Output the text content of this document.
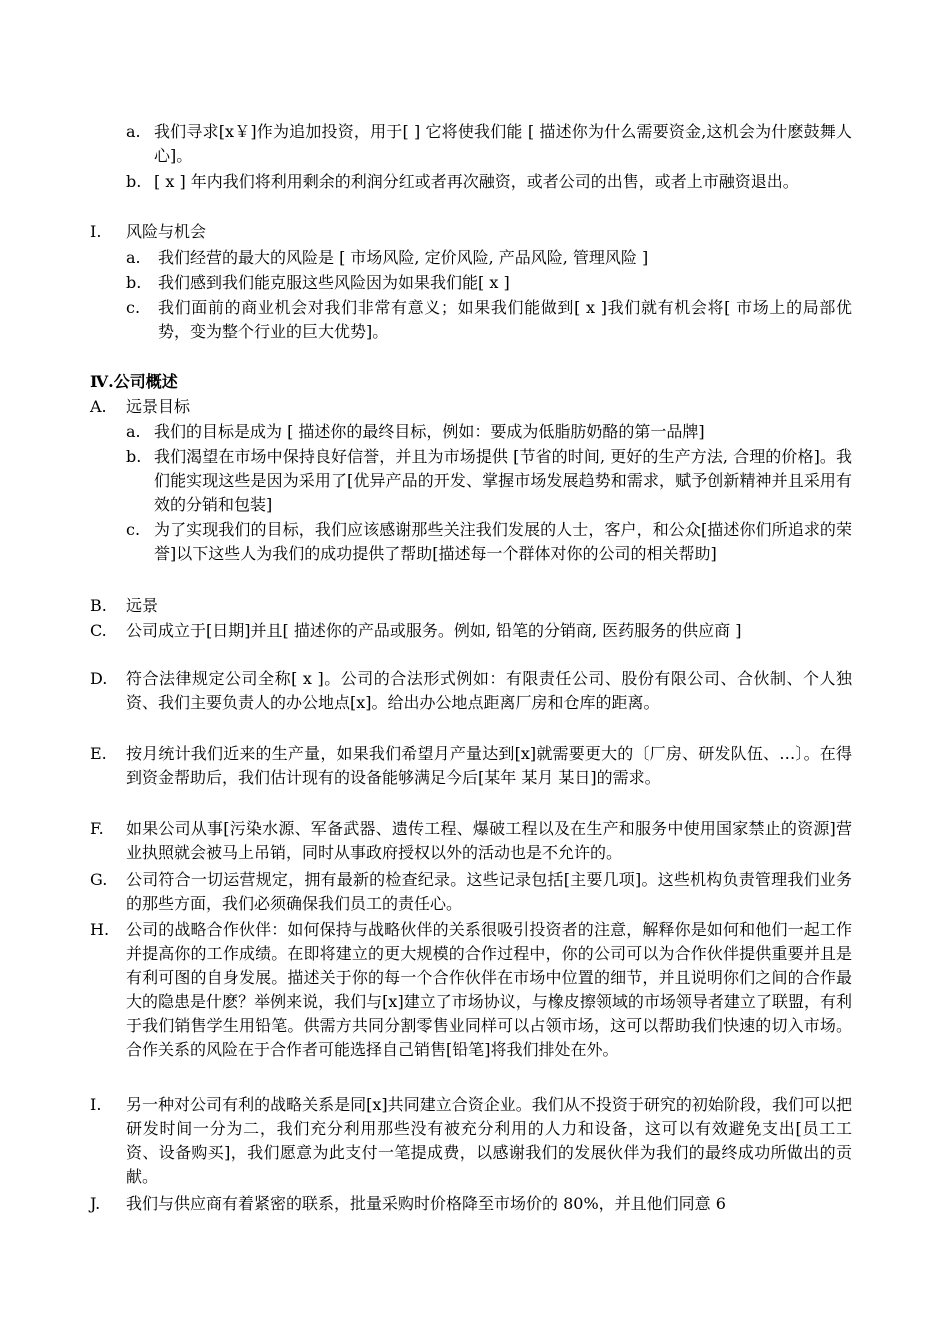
a. 我们寻求[x￥]作为追加投资，用于[ ] 它将使我们能 [ 描述你为什么需要资金,这机会为什麽鼓舞人心]。
b. [ x ] 年内我们将利用剩余的利润分红或者再次融资，或者公司的出售，或者上市融资退出。
I. 风险与机会
a. 我们经营的最大的风险是 [ 市场风险, 定价风险, 产品风险, 管理风险 ]
b. 我们感到我们能克服这些风险因为如果我们能[ x ]
c. 我们面前的商业机会对我们非常有意义；如果我们能做到[ x ]我们就有机会将[ 市场上的局部优势，变为整个行业的巨大优势]。
Ⅳ.公司概述
A. 远景目标
a. 我们的目标是成为 [ 描述你的最终目标，例如：要成为低脂肪奶酪的第一品牌]
b. 我们渴望在市场中保持良好信誉，并且为市场提供 [节省的时间, 更好的生产方法, 合理的价格]。我们能实现这些是因为采用了[优异产品的开发、掌握市场发展趋势和需求，赋予创新精神并且采用有效的分销和包装]
c. 为了实现我们的目标，我们应该感谢那些关注我们发展的人士，客户，和公众[描述你们所追求的荣誉]以下这些人为我们的成功提供了帮助[描述每一个群体对你的公司的相关帮助]
B. 远景
C. 公司成立于[日期]并且[ 描述你的产品或服务。例如, 铅笔的分销商, 医药服务的供应商 ]
D. 符合法律规定公司全称[ x ]。公司的合法形式例如：有限责任公司、股份有限公司、合伙制、个人独资、我们主要负责人的办公地点[x]。给出办公地点距离厂房和仓库的距离。
E. 按月统计我们近来的生产量，如果我们希望月产量达到[x]就需要更大的〔厂房、研发队伍、…〕。在得到资金帮助后，我们估计现有的设备能够满足今后[某年 某月 某日]的需求。
F. 如果公司从事[污染水源、军备武器、遗传工程、爆破工程以及在生产和服务中使用国家禁止的资源]营业执照就会被马上吊销，同时从事政府授权以外的活动也是不允许的。
G. 公司符合一切运营规定，拥有最新的检查纪录。这些记录包括[主要几项]。这些机构负责管理我们业务的那些方面，我们必须确保我们员工的责任心。
H. 公司的战略合作伙伴：如何保持与战略伙伴的关系很吸引投资者的注意，解释你是如何和他们一起工作并提高你的工作成绩。在即将建立的更大规模的合作过程中，你的公司可以为合作伙伴提供重要并且是有利可图的自身发展。描述关于你的每一个合作伙伴在市场中位置的细节，并且说明你们之间的合作最大的隐患是什麽？举例来说，我们与[x]建立了市场协议，与橡皮擦领域的市场领导者建立了联盟，有利于我们销售学生用铅笔。供需方共同分割零售业同样可以占领市场，这可以帮助我们快速的切入市场。合作关系的风险在于合作者可能选择自己销售[铅笔]将我们排处在外。
I. 另一种对公司有利的战略关系是同[x]共同建立合资企业。我们从不投资于研究的初始阶段，我们可以把研发时间一分为二，我们充分利用那些没有被充分利用的人力和设备，这可以有效避免支出[员工工资、设备购买]，我们愿意为此支付一笔提成费，以感谢我们的发展伙伴为我们的最终成功所做出的贡献。
J. 我们与供应商有着紧密的联系，批量采购时价格降至市场价的 80%，并且他们同意 6
